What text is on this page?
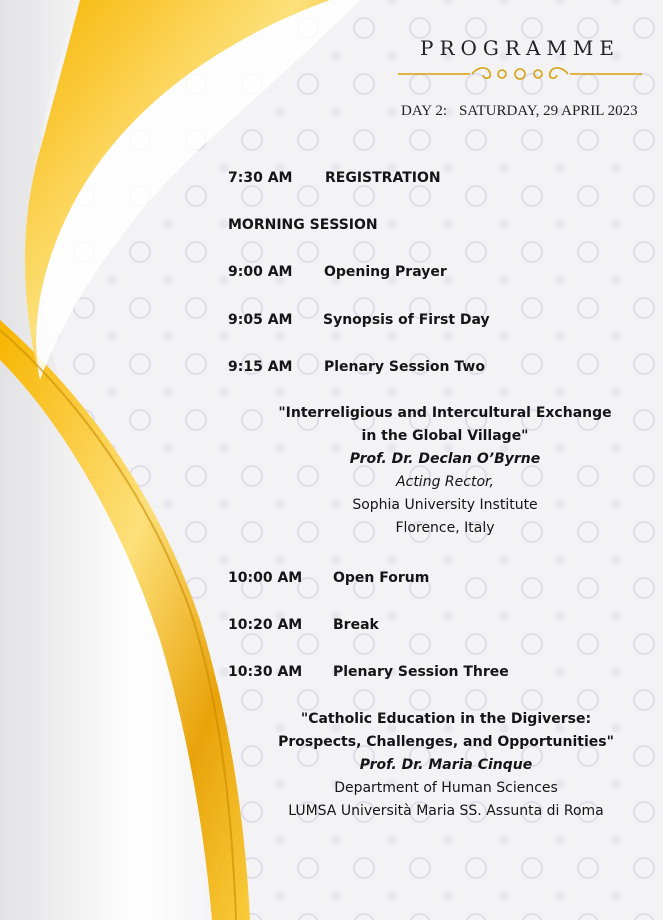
PROGRAMME
DAY 2: SATURDAY, 29 APRIL 2023
7:30 AM REGISTRATION
MORNING SESSION
9:00 AM Opening Prayer
9:05 AM Synopsis of First Day
9:15 AM Plenary Session Two
"Interreligious and Intercultural Exchange
in the Global Village"
Prof. Dr. Declan O’Byrne
Acting Rector,
Sophia University Institute
Florence, Italy
10:00 AM Open Forum
10:20 AM Break
10:30 AM Plenary Session Three
"Catholic Education in the Digiverse:
Prospects, Challenges, and Opportunities"
Prof. Dr. Maria Cinque
Department of Human Sciences
LUMSA Università Maria SS. Assunta di Roma
